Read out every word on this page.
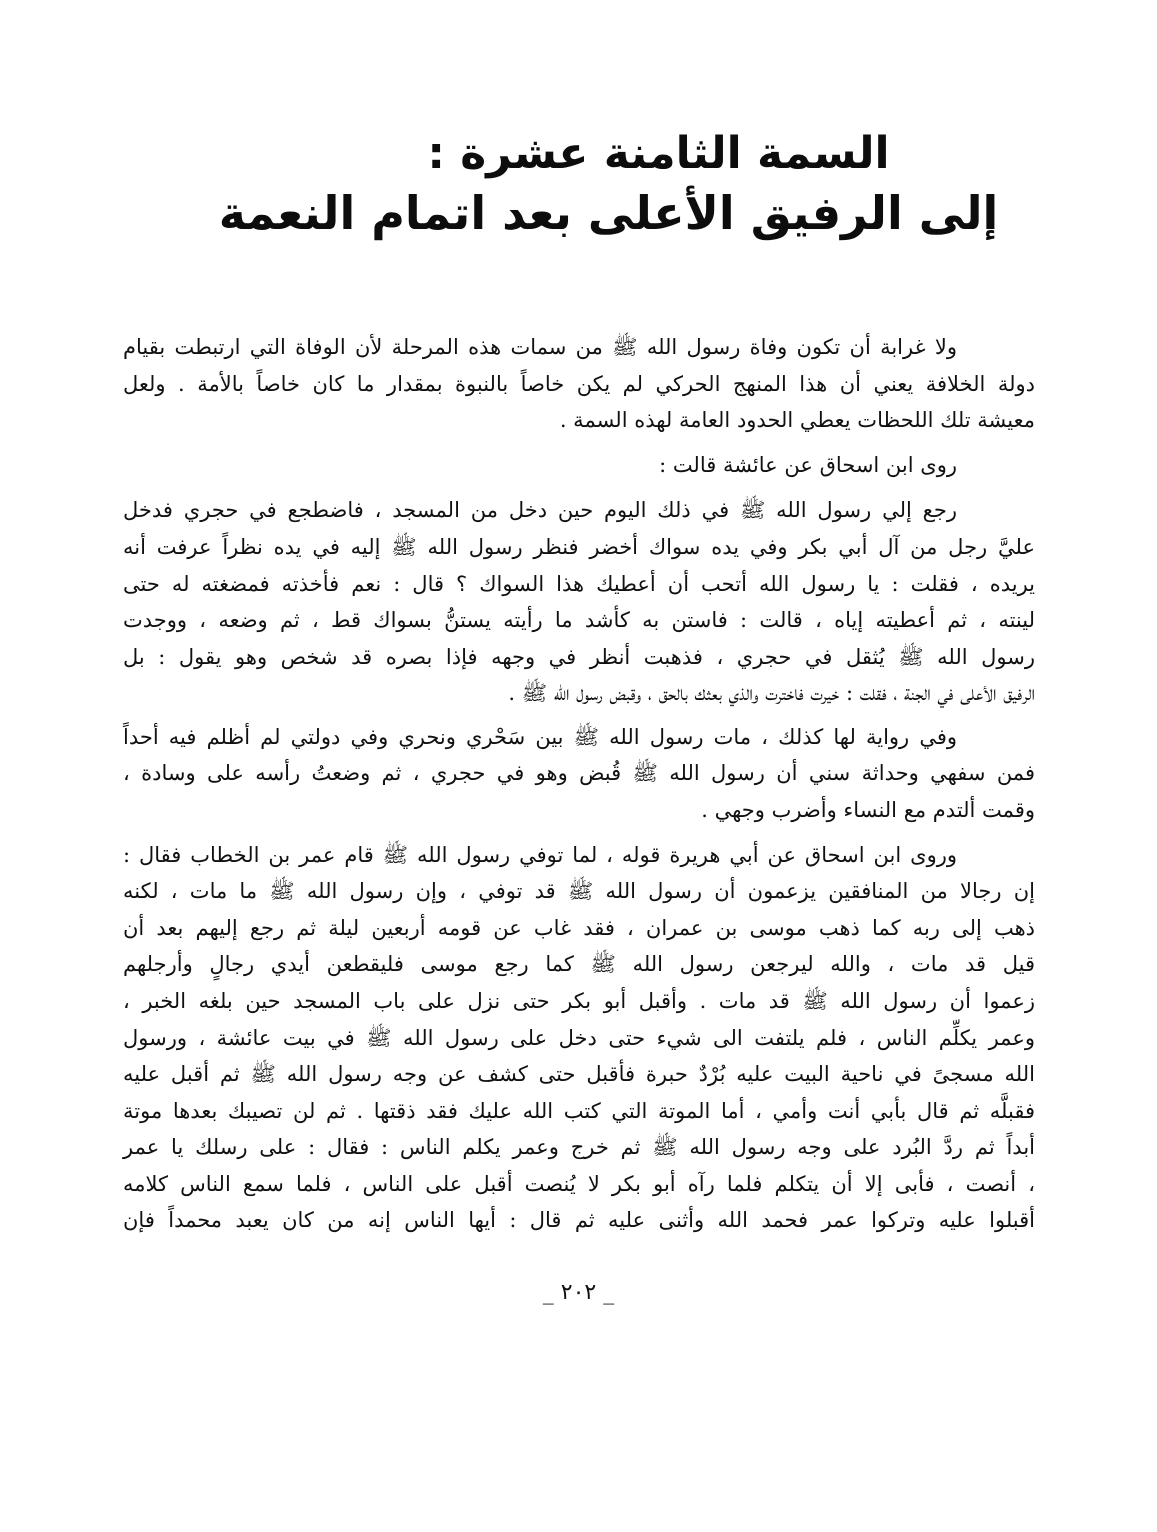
السمة الثامنة عشرة :
إلى الرفيق الأعلى بعد اتمام النعمة
ولا غرابة أن تكون وفاة رسول الله ﷺ من سمات هذه المرحلة لأن الوفاة التي ارتبطت بقيام
دولة الخلافة يعني أن هذا المنهج الحركي لم يكن خاصاً بالنبوة بمقدار ما كان خاصاً بالأمة . ولعل
معيشة تلك اللحظات يعطي الحدود العامة لهذه السمة .
روى ابن اسحاق عن عائشة قالت :
رجع إلي رسول الله ﷺ في ذلك اليوم حين دخل من المسجد ، فاضطجع في حجري فدخل
عليَّ رجل من آل أبي بكر وفي يده سواك أخضر فنظر رسول الله ﷺ إليه في يده نظراً عرفت أنه
يريده ، فقلت : يا رسول الله أتحب أن أعطيك هذا السواك ؟ قال : نعم فأخذته فمضغته له حتى
لينته ، ثم أعطيته إياه ، قالت : فاستن به كأشد ما رأيته يستنُّ بسواك قط ، ثم وضعه ، ووجدت
رسول الله ﷺ يُثقل في حجري ، فذهبت أنظر في وجهه فإذا بصره قد شخص وهو يقول : بل
الرفيق الأعلى في الجنة ، فقلت : خيرت فاخترت والذي بعثك بالحق ، وقبض رسول الله ﷺ .
وفي رواية لها كذلك ، مات رسول الله ﷺ بين سَحْري ونحري وفي دولتي لم أظلم فيه أحداً
فمن سفهي وحداثة سني أن رسول الله ﷺ قُبض وهو في حجري ، ثم وضعتُ رأسه على وسادة ،
وقمت ألتدم مع النساء وأضرب وجهي .
وروى ابن اسحاق عن أبي هريرة قوله ، لما توفي رسول الله ﷺ قام عمر بن الخطاب فقال :
إن رجالا من المنافقين يزعمون أن رسول الله ﷺ قد توفي ، وإن رسول الله ﷺ ما مات ، لكنه
ذهب إلى ربه كما ذهب موسى بن عمران ، فقد غاب عن قومه أربعين ليلة ثم رجع إليهم بعد أن
قيل قد مات ، والله ليرجعن رسول الله ﷺ كما رجع موسى فليقطعن أيدي رجالٍ وأرجلهم
زعموا أن رسول الله ﷺ قد مات . وأقبل أبو بكر حتى نزل على باب المسجد حين بلغه الخبر ،
وعمر يكلِّم الناس ، فلم يلتفت الى شيء حتى دخل على رسول الله ﷺ في بيت عائشة ، ورسول
الله مسجىً في ناحية البيت عليه بُرْدٌ حبرة فأقبل حتى كشف عن وجه رسول الله ﷺ ثم أقبل عليه
فقبلَّه ثم قال بأبي أنت وأمي ، أما الموتة التي كتب الله عليك فقد ذقتها . ثم لن تصيبك بعدها موتة
أبداً ثم ردَّ البُرد على وجه رسول الله ﷺ ثم خرج وعمر يكلم الناس : فقال : على رسلك يا عمر
، أنصت ، فأبى إلا أن يتكلم فلما رآه أبو بكر لا يُنصت أقبل على الناس ، فلما سمع الناس كلامه
أقبلوا عليه وتركوا عمر فحمد الله وأثنى عليه ثم قال : أيها الناس إنه من كان يعبد محمداً فإن
_ ٢٠٢ _
